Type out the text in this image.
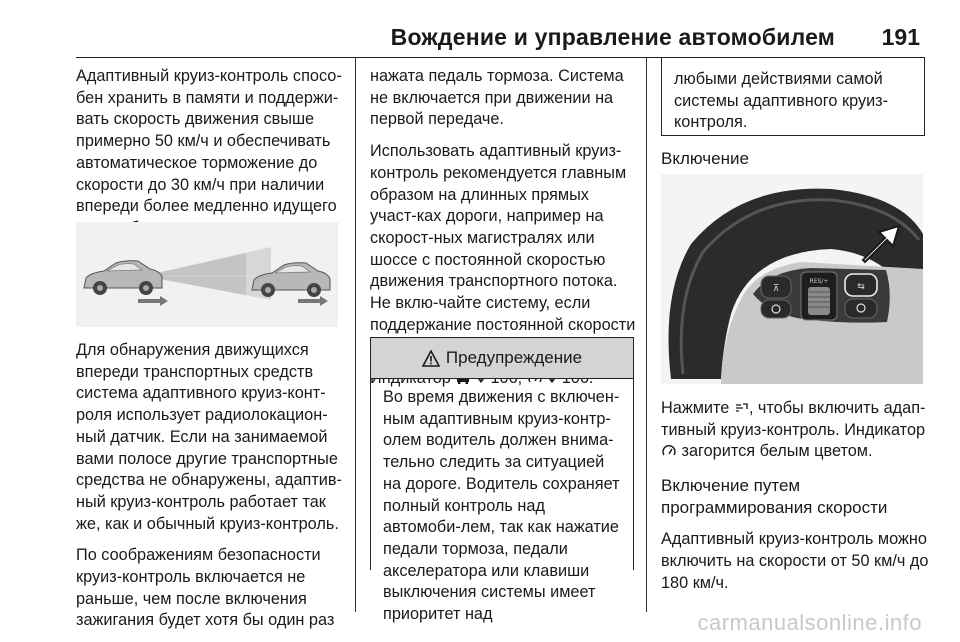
Вождение и управление автомобилем 191

Адаптивный круиз-контроль спосо-бен хранить в памяти и поддержи-вать скорость движения свыше примерно 50 км/ч и обеспечивать автоматическое торможение до скорости до 30 км/ч при наличии впереди более медленно идущего

Для обнаружения движущихся впереди транспортных средств система адаптивного круиз-конт-роля использует радиолокацион-ный датчик. Если на занимаемой вами полосе другие транспортные средства не обнаружены, адаптив-ный круиз-контроль работает так же, как и обычный круиз-контроль.

По соображениям безопасности круиз-контроль включается не раньше, чем после включения зажигания будет хотя бы один раз

нажата педаль тормоза. Система не включается при движении на первой передаче.

Использовать адаптивный круиз-контроль рекомендуется главным образом на длинных прямых участ-ках дороги, например на скорост-ных магистралях или шоссе с постоянной скоростью движения транспортного потока. Не вклю-чайте систему, если поддержание постоянной скорости

Предупреждение
Во время движения с включен-ным адаптивным круиз-контр-олем водитель должен внима-тельно следить за ситуацией на дороге. Водитель сохраняет полный контроль над автомоби-лем, так как нажатие педали тормоза, педали акселератора или клавиши выключения системы имеет приоритет над
любыми действиями самой системы адаптивного круиз-контроля.

Включение

⊼
RES/+
⇆

Нажмите , чтобы включить адап-тивный круиз-контроль. Индикатор  загорится белым цветом.

Включение путем программирования скорости

Адаптивный круиз-контроль можно включить на скорости от 50 км/ч до 180 км/ч.

carmanualsonline.info
